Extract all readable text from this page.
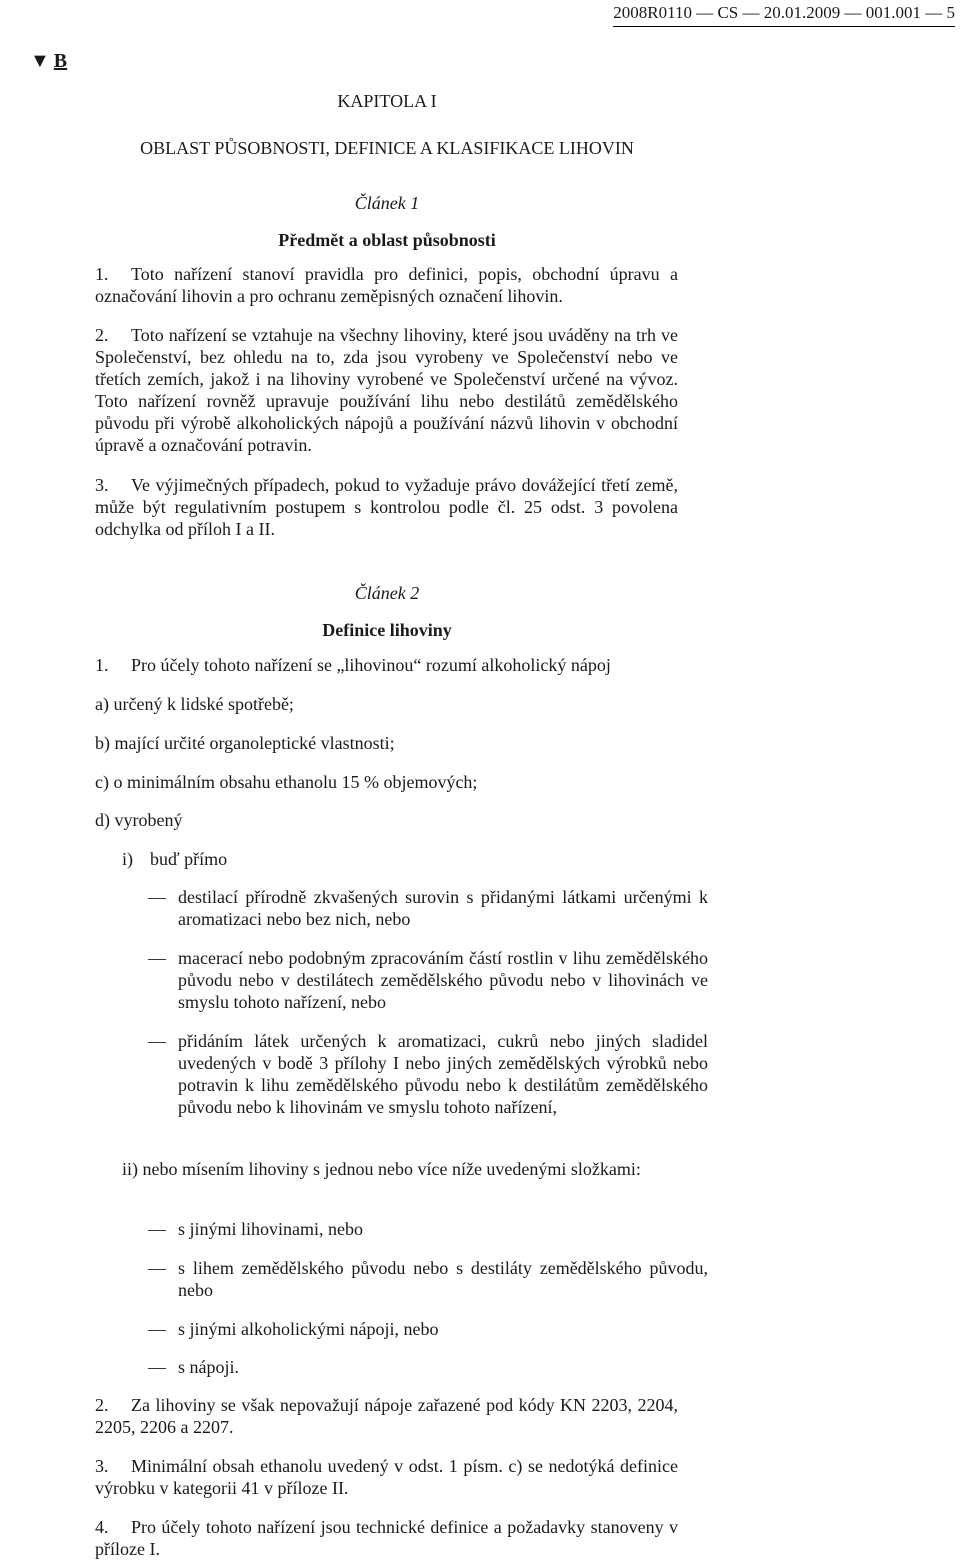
2008R0110 — CS — 20.01.2009 — 001.001 — 5
▼ B
KAPITOLA I
OBLAST PŮSOBNOSTI, DEFINICE A KLASIFIKACE LIHOVIN
Článek 1
Předmět a oblast působnosti

1. Toto nařízení stanoví pravidla pro definici, popis, obchodní úpravu a označování lihovin a pro ochranu zeměpisných označení lihovin.

2. Toto nařízení se vztahuje na všechny lihoviny, které jsou uváděny na trh ve Společenství, bez ohledu na to, zda jsou vyrobeny ve Společenství nebo ve třetích zemích, jakož i na lihoviny vyrobené ve Společenství určené na vývoz. Toto nařízení rovněž upravuje používání lihu nebo destilátů zemědělského původu při výrobě alkoholických nápojů a používání názvů lihovin v obchodní úpravě a označování potravin.

3. Ve výjimečných případech, pokud to vyžaduje právo dovážející třetí země, může být regulativním postupem s kontrolou podle čl. 25 odst. 3 povolena odchylka od příloh I a II.

Článek 2
Definice lihoviny

1. Pro účely tohoto nařízení se „lihovinou“ rozumí alkoholický nápoj

a) určený k lidské spotřebě;

b) mající určité organoleptické vlastnosti;

c) o minimálním obsahu ethanolu 15 % objemových;

d) vyrobený

i) buď přímo

— destilací přírodně zkvašených surovin s přidanými látkami určenými k aromatizaci nebo bez nich, nebo

— macerací nebo podobným zpracováním částí rostlin v lihu zemědělského původu nebo v destilátech zemědělského původu nebo v lihovinách ve smyslu tohoto nařízení, nebo

— přidáním látek určených k aromatizaci, cukrů nebo jiných sladidel uvedených v bodě 3 přílohy I nebo jiných zemědělských výrobků nebo potravin k lihu zemědělského původu nebo k destilátům zemědělského původu nebo k lihovinám ve smyslu tohoto nařízení,

ii) nebo mísením lihoviny s jednou nebo více níže uvedenými složkami:

— s jinými lihovinami, nebo

— s lihem zemědělského původu nebo s destiláty zemědělského původu, nebo

— s jinými alkoholickými nápoji, nebo

— s nápoji.

2. Za lihoviny se však nepovažují nápoje zařazené pod kódy KN 2203, 2204, 2205, 2206 a 2207.

3. Minimální obsah ethanolu uvedený v odst. 1 písm. c) se nedotýká definice výrobku v kategorii 41 v příloze II.

4. Pro účely tohoto nařízení jsou technické definice a požadavky stanoveny v příloze I.
